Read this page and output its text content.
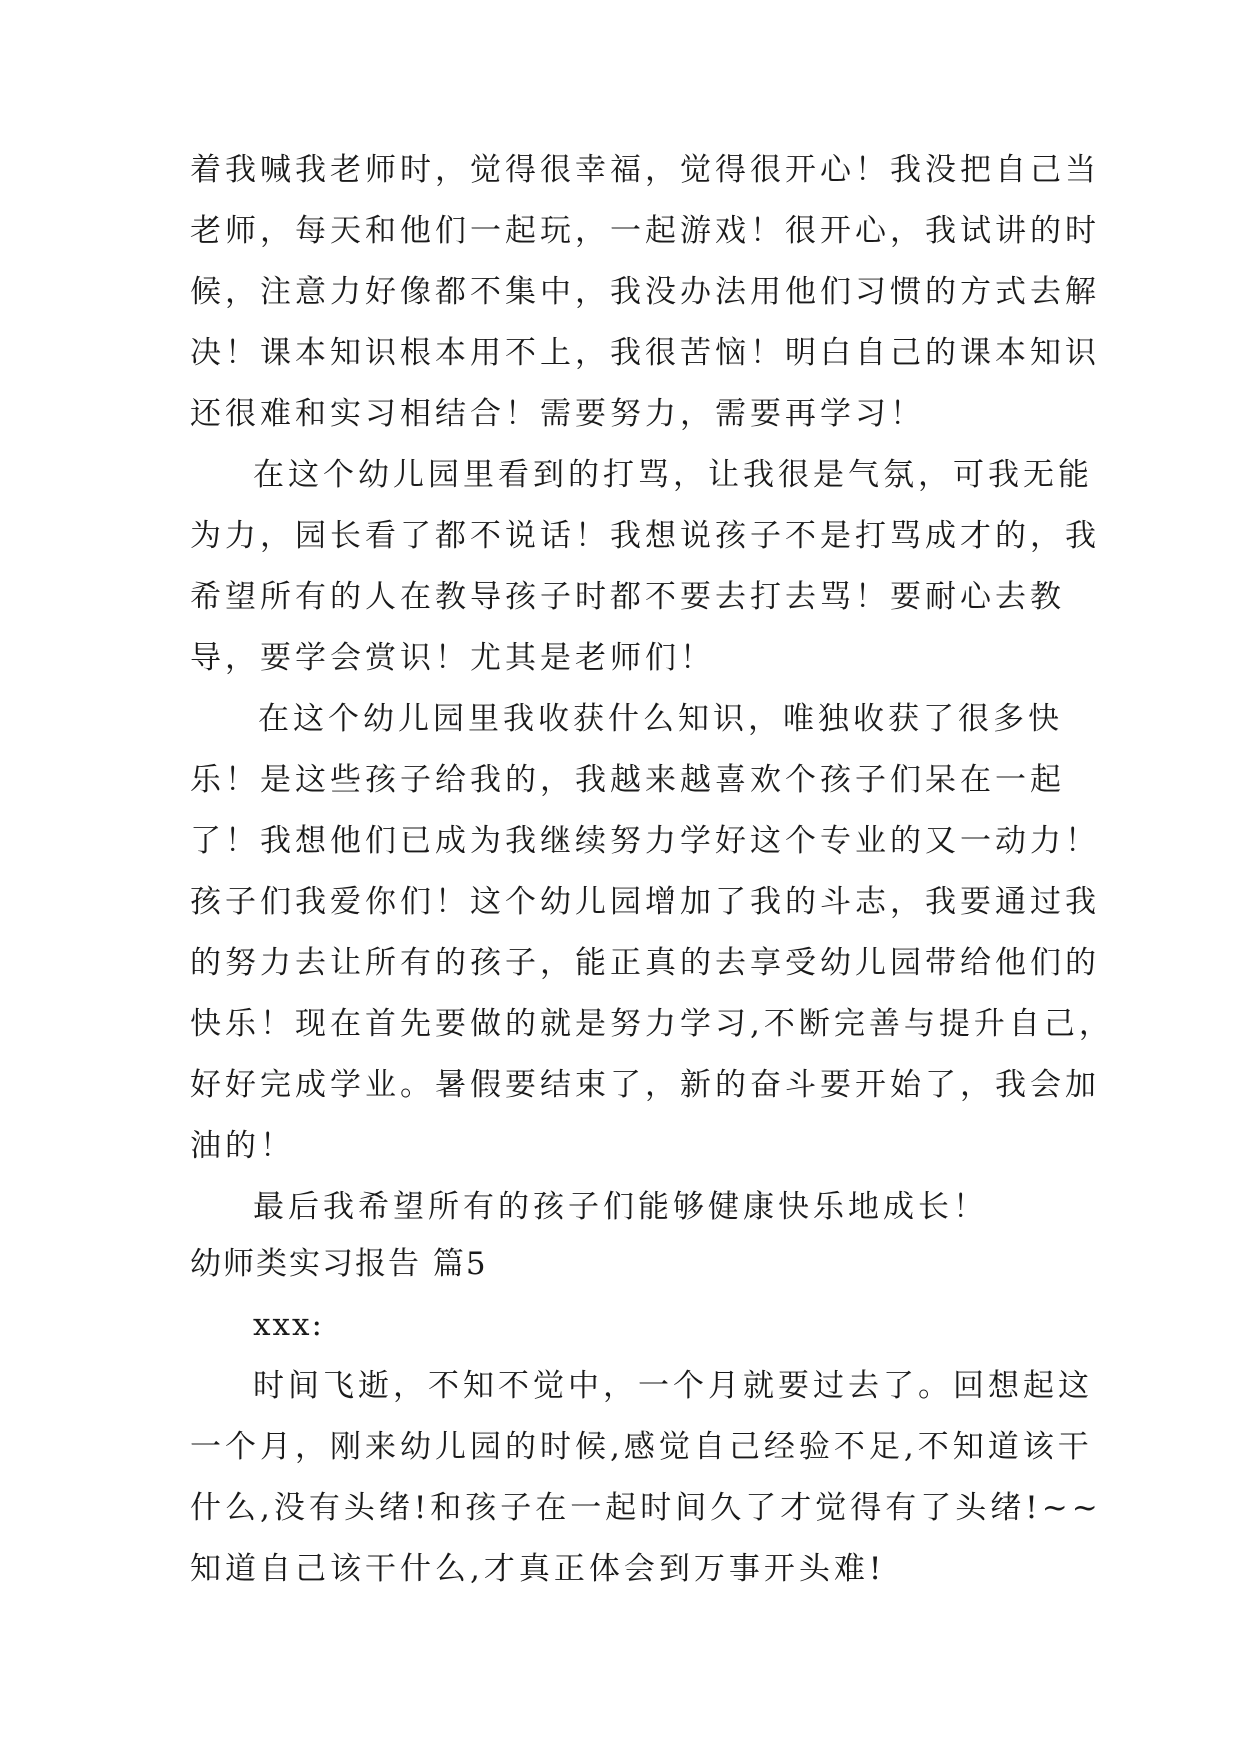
着我喊我老师时，觉得很幸福，觉得很开心！我没把自己当
老师，每天和他们一起玩，一起游戏！很开心，我试讲的时
候，注意力好像都不集中，我没办法用他们习惯的方式去解
决！课本知识根本用不上，我很苦恼！明白自己的课本知识
还很难和实习相结合！需要努力，需要再学习！
在这个幼儿园里看到的打骂，让我很是气氛，可我无能
为力，园长看了都不说话！我想说孩子不是打骂成才的，我
希望所有的人在教导孩子时都不要去打去骂！要耐心去教
导，要学会赏识！尤其是老师们！
在这个幼儿园里我收获什么知识，唯独收获了很多快
乐！是这些孩子给我的，我越来越喜欢个孩子们呆在一起
了！我想他们已成为我继续努力学好这个专业的又一动力！
孩子们我爱你们！这个幼儿园增加了我的斗志，我要通过我
的努力去让所有的孩子，能正真的去享受幼儿园带给他们的
快乐！现在首先要做的就是努力学习,不断完善与提升自己，
好好完成学业。暑假要结束了，新的奋斗要开始了，我会加
油的！
最后我希望所有的孩子们能够健康快乐地成长！
幼师类实习报告 篇5
xxx:
时间飞逝，不知不觉中，一个月就要过去了。回想起这
一个月，刚来幼儿园的时候,感觉自己经验不足,不知道该干
什么,没有头绪!和孩子在一起时间久了才觉得有了头绪!~~
知道自己该干什么,才真正体会到万事开头难!
